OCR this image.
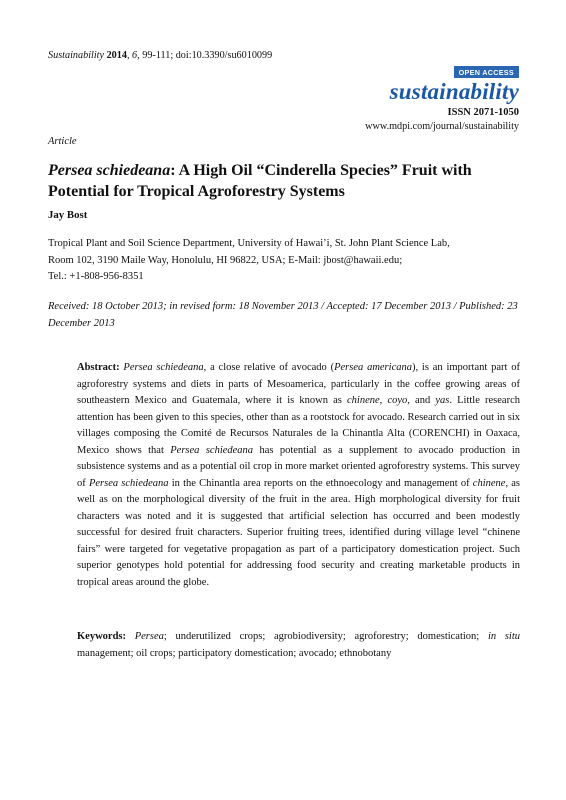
Sustainability 2014, 6, 99-111; doi:10.3390/su6010099
OPEN ACCESS
sustainability
ISSN 2071-1050
www.mdpi.com/journal/sustainability
Article
Persea schiedeana: A High Oil “Cinderella Species” Fruit with Potential for Tropical Agroforestry Systems
Jay Bost
Tropical Plant and Soil Science Department, University of Hawai’i, St. John Plant Science Lab,
Room 102, 3190 Maile Way, Honolulu, HI 96822, USA; E-Mail: jbost@hawaii.edu;
Tel.: +1-808-956-8351
Received: 18 October 2013; in revised form: 18 November 2013 / Accepted: 17 December 2013 / Published: 23 December 2013
Abstract: Persea schiedeana, a close relative of avocado (Persea americana), is an important part of agroforestry systems and diets in parts of Mesoamerica, particularly in the coffee growing areas of southeastern Mexico and Guatemala, where it is known as chinene, coyo, and yas. Little research attention has been given to this species, other than as a rootstock for avocado. Research carried out in six villages composing the Comité de Recursos Naturales de la Chinantla Alta (CORENCHI) in Oaxaca, Mexico shows that Persea schiedeana has potential as a supplement to avocado production in subsistence systems and as a potential oil crop in more market oriented agroforestry systems. This survey of Persea schiedeana in the Chinantla area reports on the ethnoecology and management of chinene, as well as on the morphological diversity of the fruit in the area. High morphological diversity for fruit characters was noted and it is suggested that artificial selection has occurred and been modestly successful for desired fruit characters. Superior fruiting trees, identified during village level “chinene fairs” were targeted for vegetative propagation as part of a participatory domestication project. Such superior genotypes hold potential for addressing food security and creating marketable products in tropical areas around the globe.
Keywords: Persea; underutilized crops; agrobiodiversity; agroforestry; domestication; in situ management; oil crops; participatory domestication; avocado; ethnobotany
